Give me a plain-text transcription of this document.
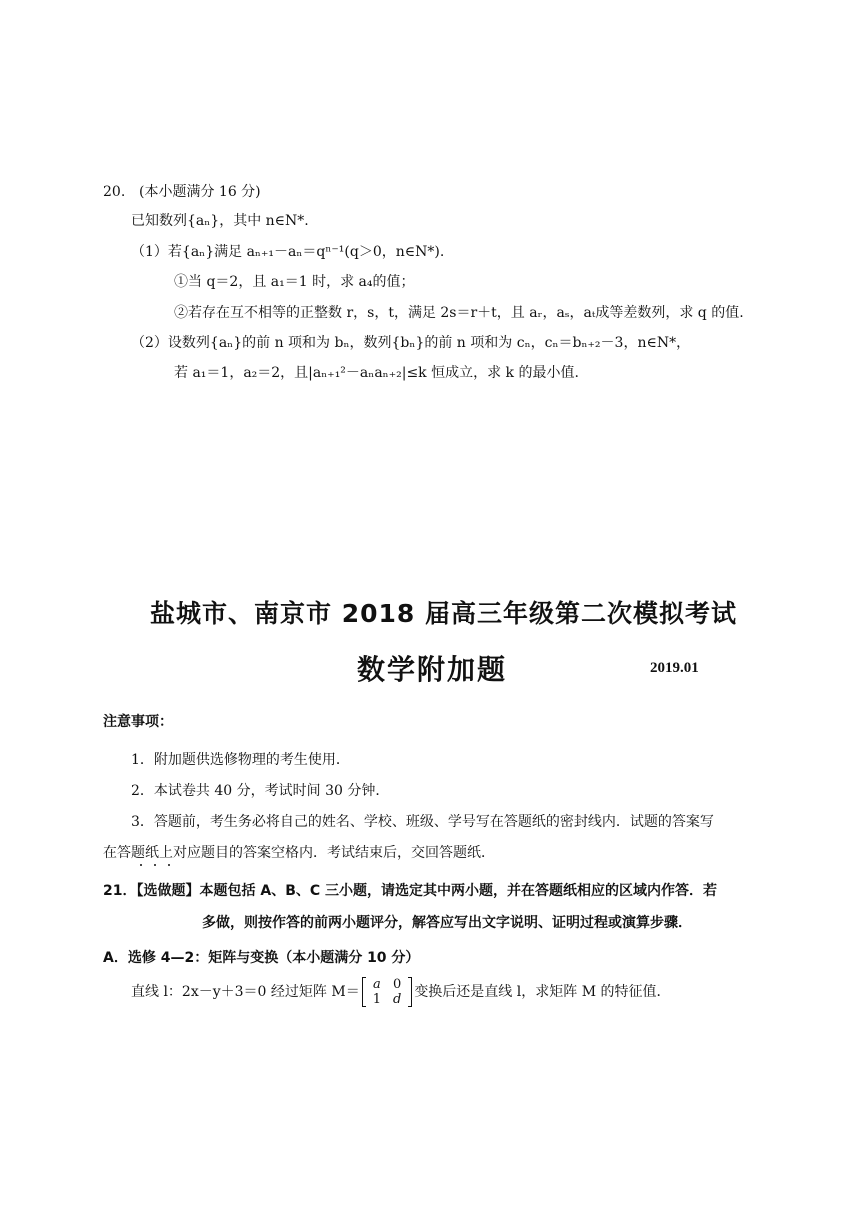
20. (本小题满分 16 分)
已知数列{aₙ}，其中 n∈N*.
（1）若{aₙ}满足 aₙ₊₁－aₙ＝qⁿ⁻¹(q＞0，n∈N*).
①当 q＝2，且 a₁＝1 时，求 a₄的值；
②若存在互不相等的正整数 r，s，t，满足 2s＝r＋t，且 aᵣ，aₛ，aₜ成等差数列，求 q 的值.
（2）设数列{aₙ}的前 n 项和为 bₙ，数列{bₙ}的前 n 项和为 cₙ，cₙ＝bₙ₊₂－3，n∈N*，
若 a₁＝1，a₂＝2，且|aₙ₊₁²－aₙaₙ₊₂|≤k 恒成立，求 k 的最小值.
盐城市、南京市 2018 届高三年级第二次模拟考试
数学附加题	2019.01
注意事项：
1．附加题供选修物理的考生使用．
2．本试卷共 40 分，考试时间 30 分钟．
3．答题前，考生务必将自己的姓名、学校、班级、学号写在答题纸的密封线内．试题的答案写
在答题纸上对应题目的答案空格内．考试结束后，交回答题纸．
21．【选做题】本题包括 A、B、C 三小题，请选定其中两小题，并在答题纸相应的区域内作答．若
多做，则按作答的前两小题评分，解答应写出文字说明、证明过程或演算步骤．
A．选修 4—2：矩阵与变换（本小题满分 10 分）
直线 l：2x－y＋3＝0 经过矩阵 M＝ a	0
1	d 变换后还是直线 l，求矩阵 M 的特征值．
